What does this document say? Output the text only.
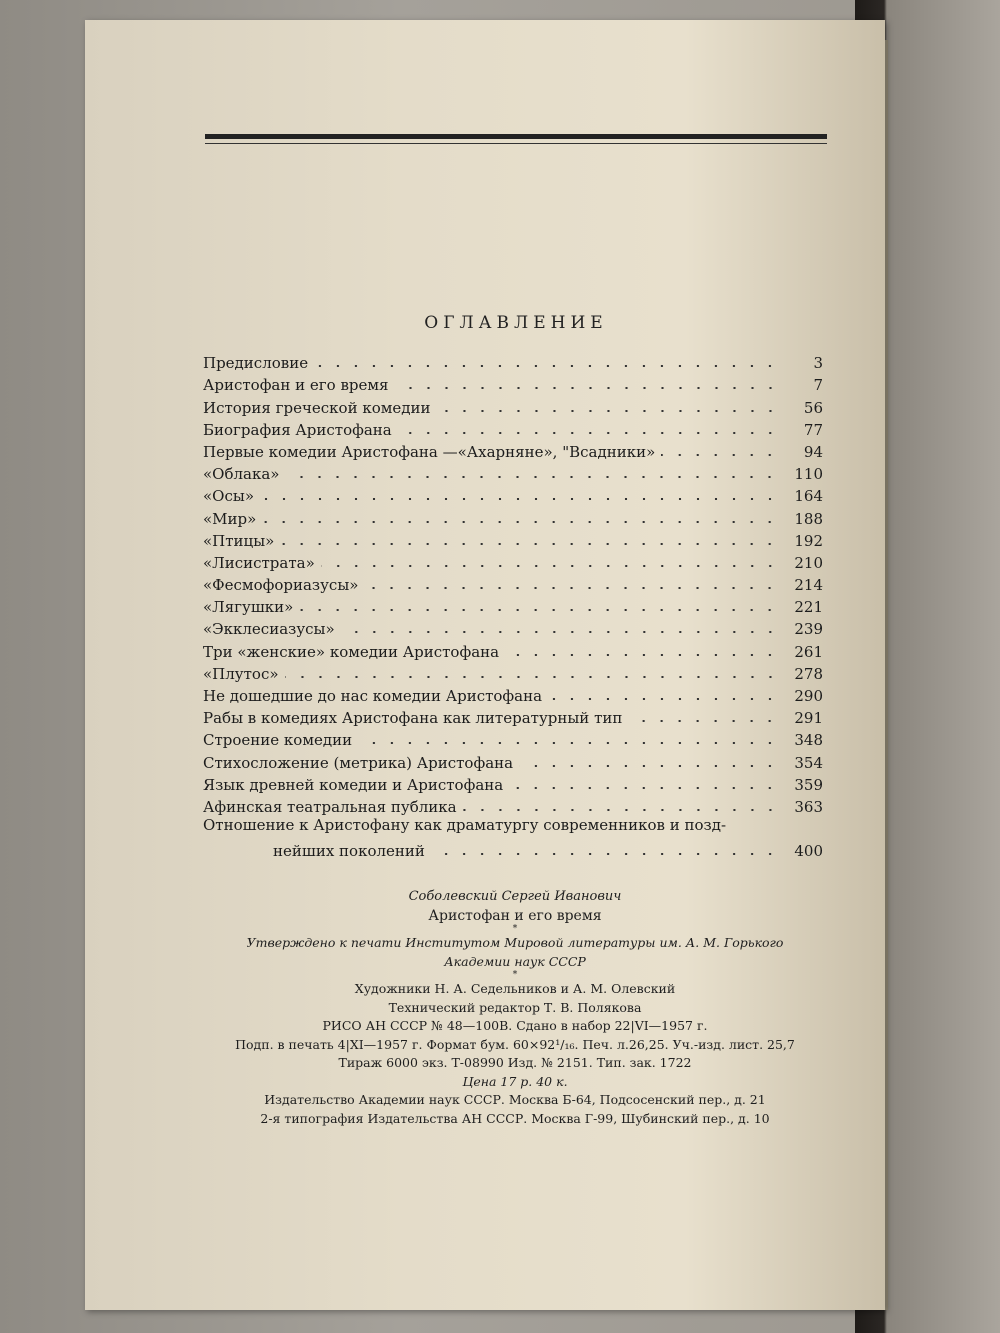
ОГЛАВЛЕНИЕ
Предисловие	3
Аристофан и его время	7
История греческой комедии	56
Биография Аристофана	77
Первые комедии Аристофана —«Ахарняне», "Всадники»	94
«Облака»	110
«Осы»	164
«Мир»	188
«Птицы»	192
«Лисистрата»	210
«Фесмофориазусы»	214
«Лягушки»	221
«Экклесиазусы»	239
Три «женские» комедии Аристофана	261
«Плутос»	278
Не дошедшие до нас комедии Аристофана	290
Рабы в комедиях Аристофана как литературный тип	291
Строение комедии	348
Стихосложение (метрика) Аристофана	354
Язык древней комедии и Аристофана	359
Афинская театральная публика	363
Отношение к Аристофану как драматургу современников и позд-
нейших поколений	400
Соболевский Сергей Иванович
Аристофан и его время
*
Утверждено к печати Институтом Мировой литературы им. А. М. Горького
Академии наук СССР
*
Художники Н. А. Седельников и А. М. Олевский
Технический редактор Т. В. Полякова
РИСО АН СССР № 48—100В. Сдано в набор 22|VI—1957 г.
Подп. в печать 4|XI—1957 г. Формат бум. 60×92¹/₁₆. Печ. л.26,25. Уч.-изд. лист. 25,7
Тираж 6000 экз. Т-08990 Изд. № 2151. Тип. зак. 1722
Цена 17 р. 40 к.
Издательство Академии наук СССР. Москва Б-64, Подсосенский пер., д. 21
2-я типография Издательства АН СССР. Москва Г-99, Шубинский пер., д. 10
